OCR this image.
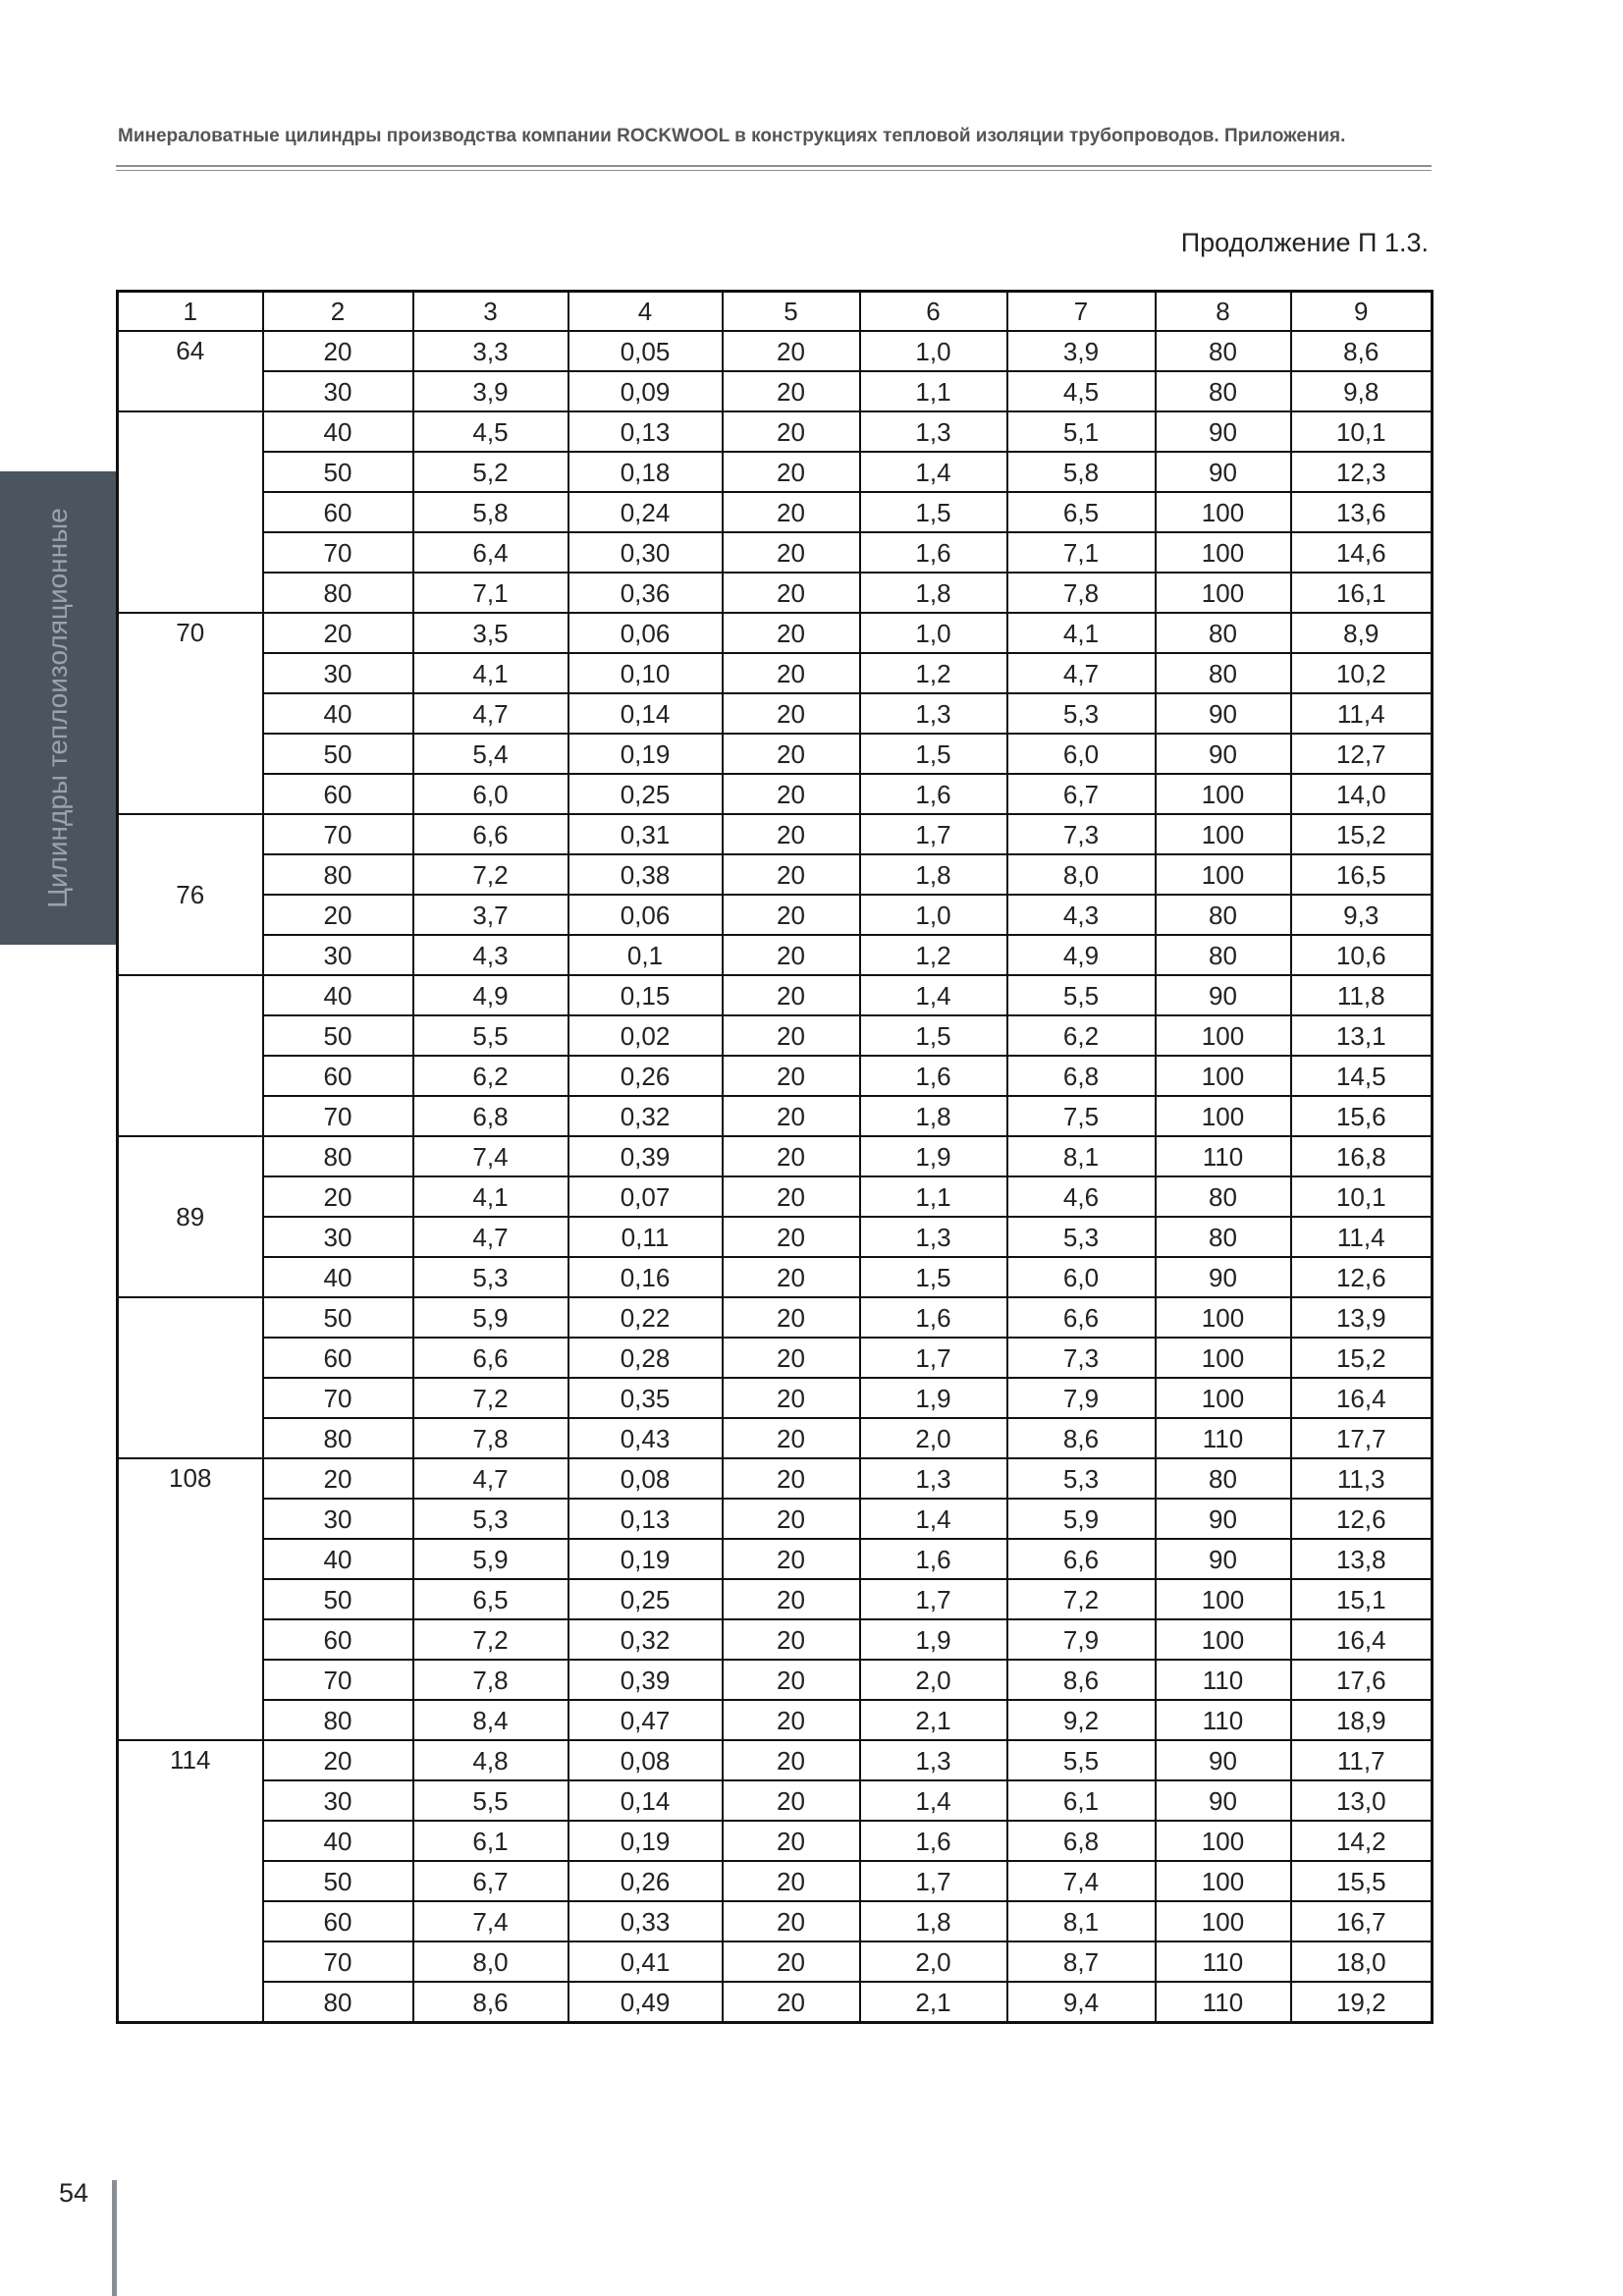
Минераловатные цилиндры производства компании ROCKWOOL в конструкциях тепловой изоляции трубопроводов. Приложения.
Продолжение П 1.3.
Цилиндры теплоизоляционные
1	2	3	4	5	6	7	8	9
64	20	3,3	0,05	20	1,0	3,9	80	8,6
	30	3,9	0,09	20	1,1	4,5	80	9,8
	40	4,5	0,13	20	1,3	5,1	90	10,1
	50	5,2	0,18	20	1,4	5,8	90	12,3
	60	5,8	0,24	20	1,5	6,5	100	13,6
	70	6,4	0,30	20	1,6	7,1	100	14,6
	80	7,1	0,36	20	1,8	7,8	100	16,1
70	20	3,5	0,06	20	1,0	4,1	80	8,9
	30	4,1	0,10	20	1,2	4,7	80	10,2
	40	4,7	0,14	20	1,3	5,3	90	11,4
	50	5,4	0,19	20	1,5	6,0	90	12,7
	60	6,0	0,25	20	1,6	6,7	100	14,0
76	70	6,6	0,31	20	1,7	7,3	100	15,2
	80	7,2	0,38	20	1,8	8,0	100	16,5
	20	3,7	0,06	20	1,0	4,3	80	9,3
	30	4,3	0,1	20	1,2	4,9	80	10,6
	40	4,9	0,15	20	1,4	5,5	90	11,8
	50	5,5	0,02	20	1,5	6,2	100	13,1
	60	6,2	0,26	20	1,6	6,8	100	14,5
	70	6,8	0,32	20	1,8	7,5	100	15,6
89	80	7,4	0,39	20	1,9	8,1	110	16,8
	20	4,1	0,07	20	1,1	4,6	80	10,1
	30	4,7	0,11	20	1,3	5,3	80	11,4
	40	5,3	0,16	20	1,5	6,0	90	12,6
	50	5,9	0,22	20	1,6	6,6	100	13,9
	60	6,6	0,28	20	1,7	7,3	100	15,2
	70	7,2	0,35	20	1,9	7,9	100	16,4
	80	7,8	0,43	20	2,0	8,6	110	17,7
108	20	4,7	0,08	20	1,3	5,3	80	11,3
	30	5,3	0,13	20	1,4	5,9	90	12,6
	40	5,9	0,19	20	1,6	6,6	90	13,8
	50	6,5	0,25	20	1,7	7,2	100	15,1
	60	7,2	0,32	20	1,9	7,9	100	16,4
	70	7,8	0,39	20	2,0	8,6	110	17,6
	80	8,4	0,47	20	2,1	9,2	110	18,9
114	20	4,8	0,08	20	1,3	5,5	90	11,7
	30	5,5	0,14	20	1,4	6,1	90	13,0
	40	6,1	0,19	20	1,6	6,8	100	14,2
	50	6,7	0,26	20	1,7	7,4	100	15,5
	60	7,4	0,33	20	1,8	8,1	100	16,7
	70	8,0	0,41	20	2,0	8,7	110	18,0
	80	8,6	0,49	20	2,1	9,4	110	19,2
54
